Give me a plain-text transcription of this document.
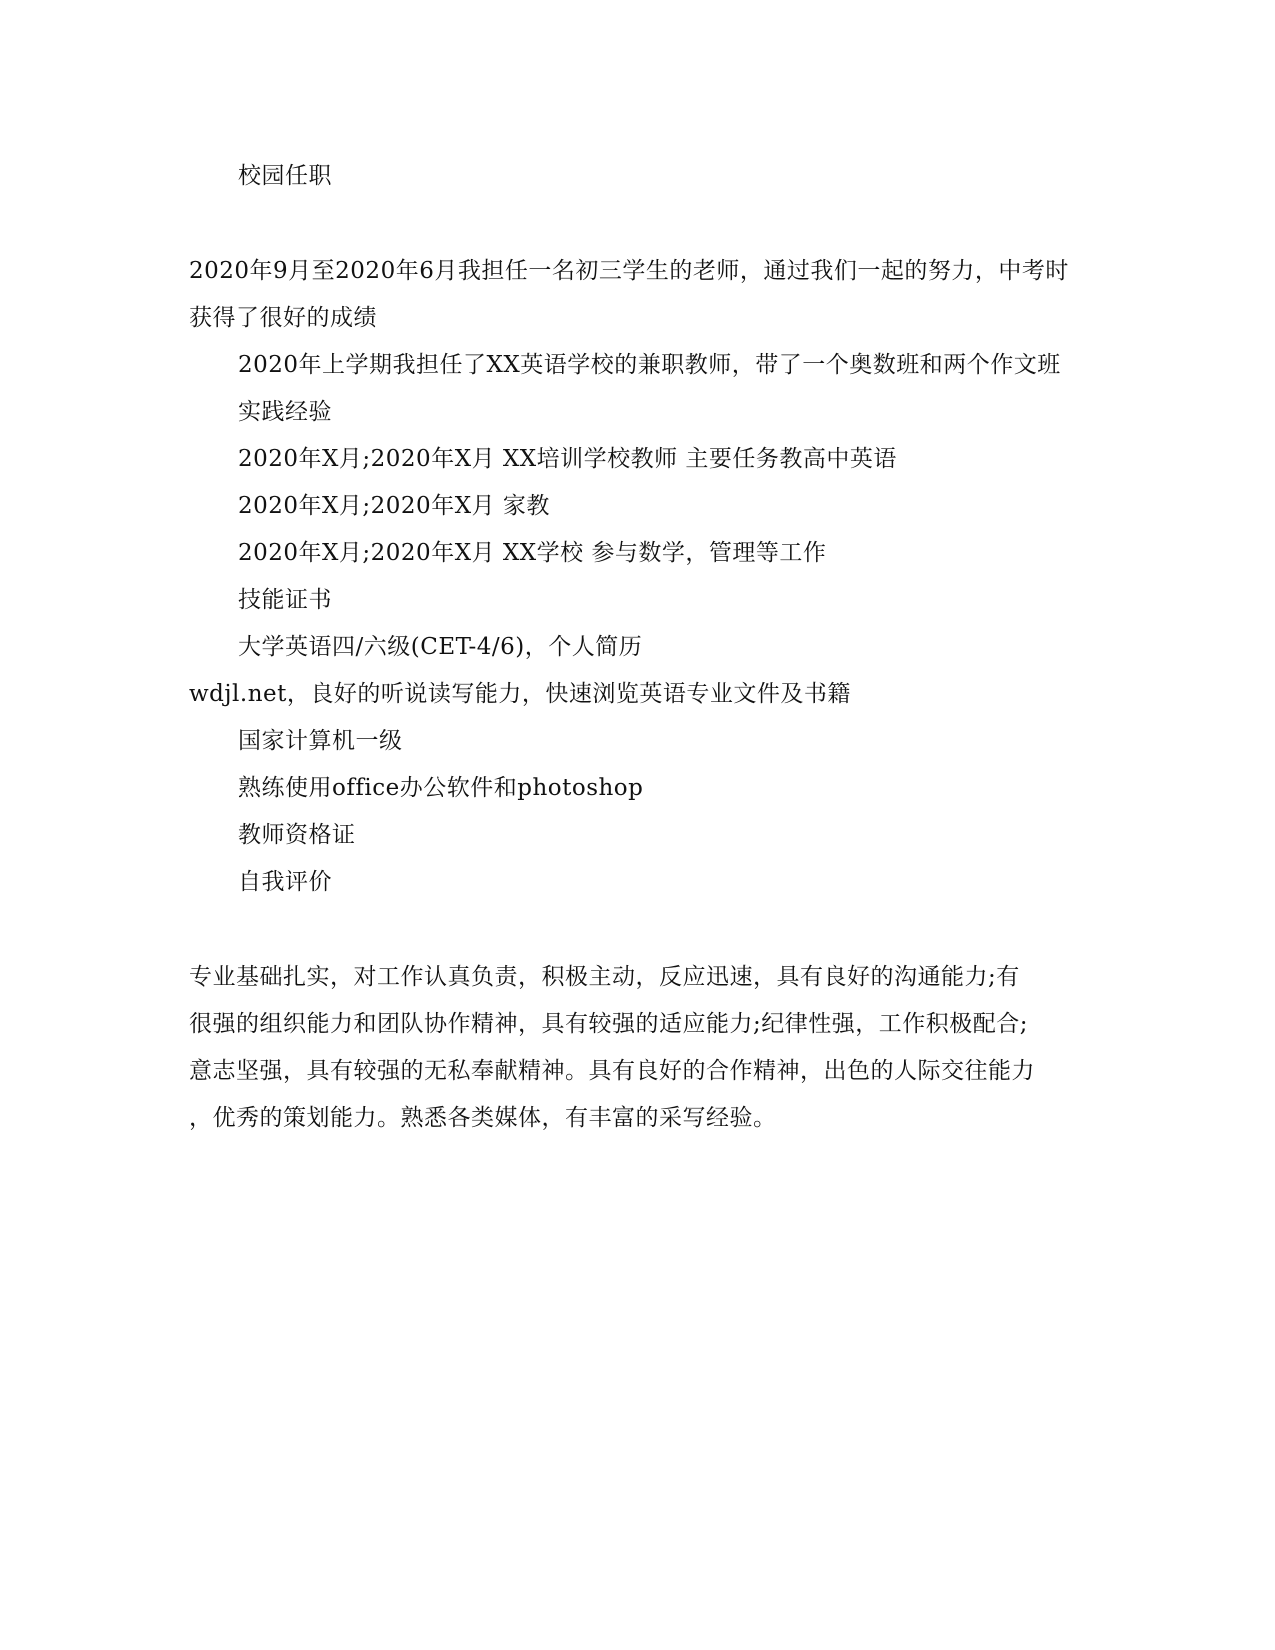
校园任职
2020年9月至2020年6月我担任一名初三学生的老师，通过我们一起的努力，中考时
获得了很好的成绩
2020年上学期我担任了XX英语学校的兼职教师，带了一个奥数班和两个作文班
实践经验
2020年X月;2020年X月 XX培训学校教师 主要任务教高中英语
2020年X月;2020年X月 家教
2020年X月;2020年X月 XX学校 参与数学，管理等工作
技能证书
大学英语四/六级(CET-4/6)，个人简历
wdjl.net，良好的听说读写能力，快速浏览英语专业文件及书籍
国家计算机一级
熟练使用office办公软件和photoshop
教师资格证
自我评价
专业基础扎实，对工作认真负责，积极主动，反应迅速，具有良好的沟通能力;有
很强的组织能力和团队协作精神，具有较强的适应能力;纪律性强，工作积极配合;
意志坚强，具有较强的无私奉献精神。具有良好的合作精神，出色的人际交往能力
，优秀的策划能力。熟悉各类媒体，有丰富的采写经验。
